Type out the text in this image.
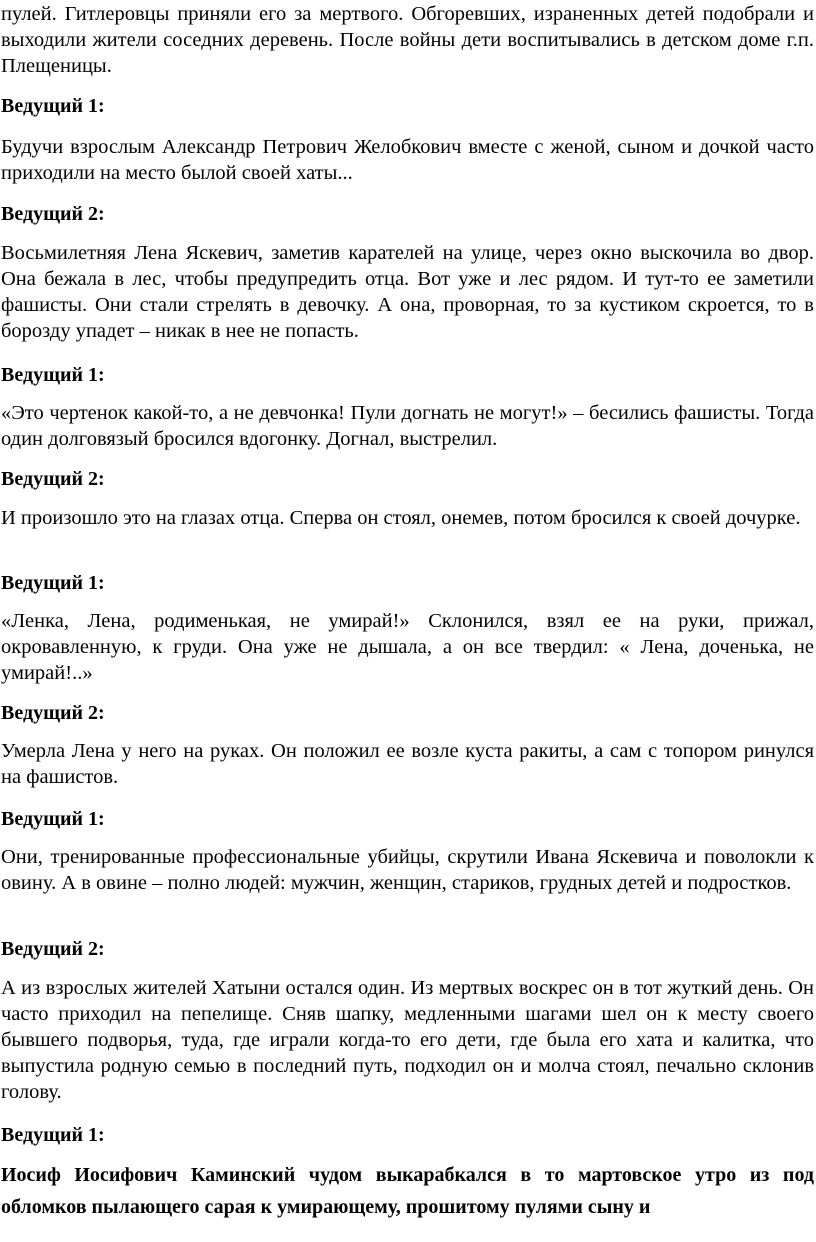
пулей. Гитлеровцы приняли его за мертвого. Обгоревших, израненных детей подобрали и выходили жители соседних деревень. После войны дети воспитывались в детском доме г.п. Плещеницы.

Ведущий 1:

Будучи взрослым Александр Петрович Желобкович вместе с женой, сыном и дочкой часто приходили на место былой своей хаты...

Ведущий 2:

Восьмилетняя Лена Яскевич, заметив карателей на улице, через окно выскочила во двор. Она бежала в лес, чтобы предупредить отца. Вот уже и лес рядом. И тут-то ее заметили фашисты. Они стали стрелять в девочку. А она, проворная, то за кустиком скроется, то в борозду упадет – никак в нее не попасть.

Ведущий 1:

«Это чертенок какой-то, а не девчонка! Пули догнать не могут!» – бесились фашисты. Тогда один долговязый бросился вдогонку. Догнал, выстрелил.

Ведущий 2:

И произошло это на глазах отца. Сперва он стоял, онемев, потом бросился к своей дочурке.

Ведущий 1:

«Ленка, Лена, родименькая, не умирай!» Склонился, взял ее на руки, прижал, окровавленную, к груди. Она уже не дышала, а он все твердил: « Лена, доченька, не умирай!..»

Ведущий 2:

Умерла Лена у него на руках. Он положил ее возле куста ракиты, а сам с топором ринулся на фашистов.

Ведущий 1:

Они, тренированные профессиональные убийцы, скрутили Ивана Яскевича и поволокли к овину. А в овине – полно людей: мужчин, женщин, стариков, грудных детей и подростков.

Ведущий 2:

А из взрослых жителей Хатыни остался один. Из мертвых воскрес он в тот жуткий день. Он часто приходил на пепелище. Сняв шапку, медленными шагами шел он к месту своего бывшего подворья, туда, где играли когда-то его дети, где была его хата и калитка, что выпустила родную семью в последний путь, подходил он и молча стоял, печально склонив голову.

Ведущий 1:

Иосиф Иосифович Каминский чудом выкарабкался в то мартовское утро из под обломков пылающего сарая к умирающему, прошитому пулями сыну и
